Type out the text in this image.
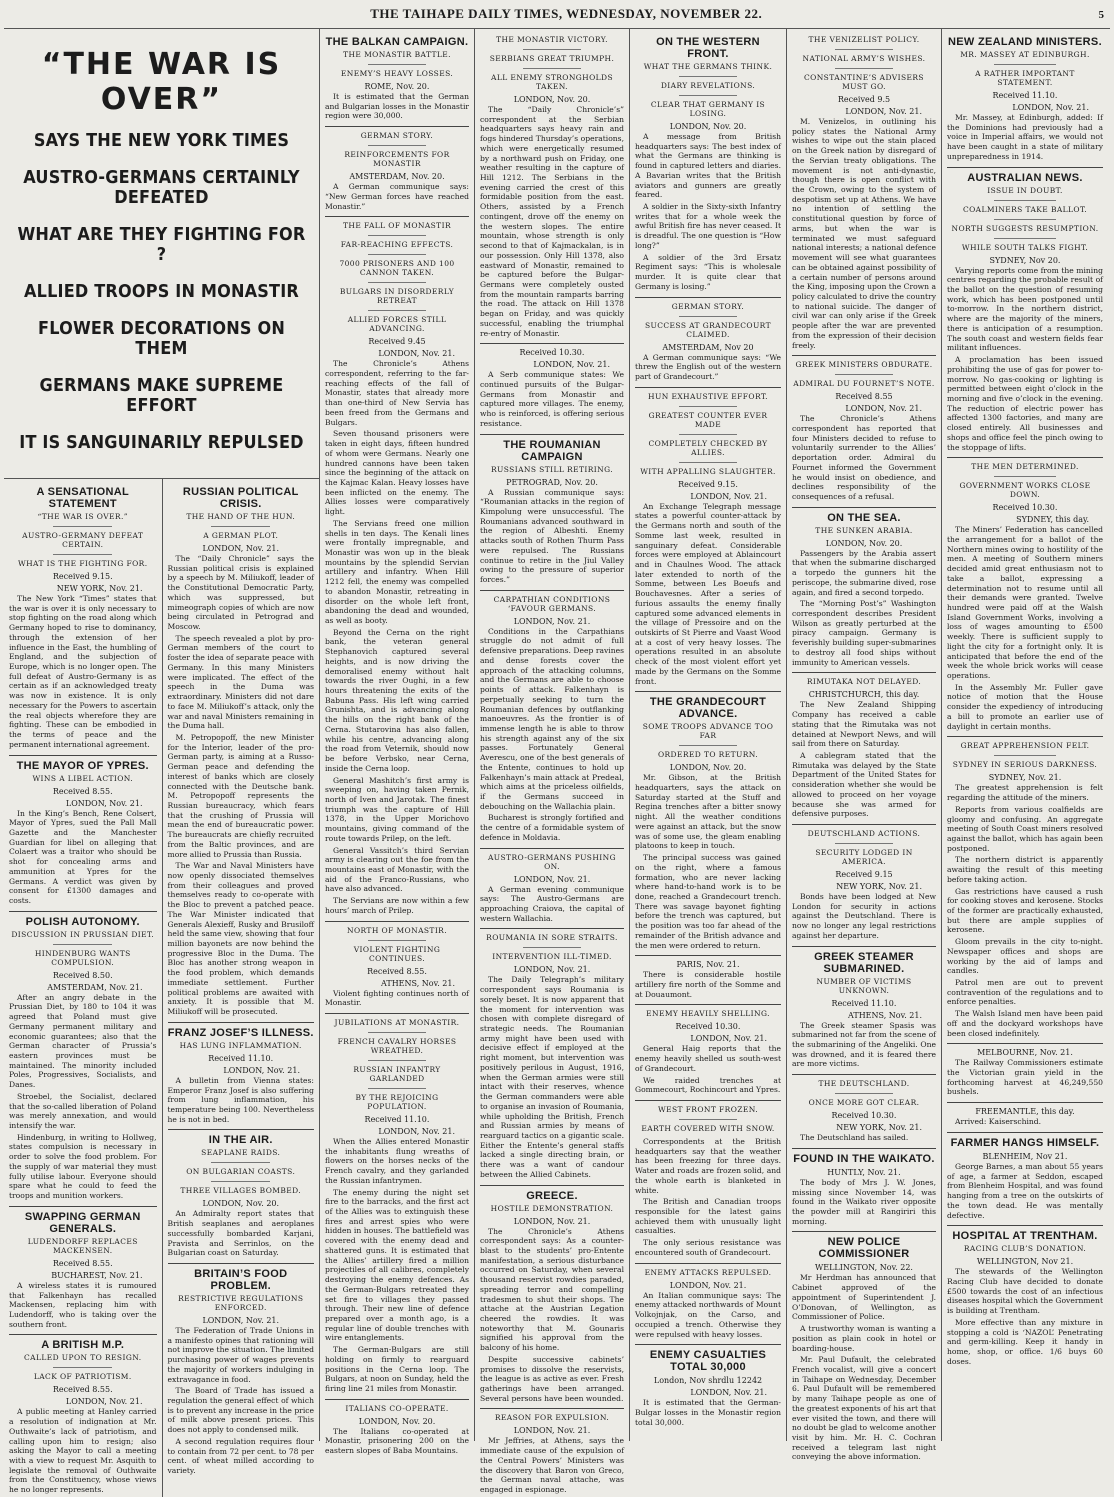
THE TAIHAPE DAILY TIMES, WEDNESDAY, NOVEMBER 22.	5
“THE WAR IS OVER”
SAYS THE NEW YORK TIMES
AUSTRO-GERMANS CERTAINLY DEFEATED
WHAT ARE THEY FIGHTING FOR ?
ALLIED TROOPS IN MONASTIR
FLOWER DECORATIONS ON THEM
GERMANS MAKE SUPREME EFFORT
IT IS SANGUINARILY REPULSED
A SENSATIONAL STATEMENT
“THE WAR IS OVER.”
AUSTRO-GERMANY DEFEAT CERTAIN.
WHAT IS THE FIGHTING FOR.
Received 9.15.
NEW YORK, Nov. 21.

The New York “Times” states that the war is over it is only necessary to stop fighting on the road along which Germany hoped to rise to dominancy, through the extension of her influence in the East, the humbling of England, and the subjection of Europe, which is no longer open. The full defeat of Austro-Germany is as certain as if an acknowledged treaty was now in existence. It is only necessary for the Powers to ascertain the real objects wherefore they are fighting. These can be embodied in the terms of peace and the permanent international agreement.

THE MAYOR OF YPRES.
WINS A LIBEL ACTION.
Received 8.55.
LONDON, Nov. 21.

In the King’s Bench, Rene Colsert, Mayor of Ypres, sued the Pall Mall Gazette and the Manchester Guardian for libel on alleging that Colaert was a traitor who should be shot for concealing arms and ammunition at Ypres for the Germans. A verdict was given by consent for £1300 damages and costs.

POLISH AUTONOMY.
DISCUSSION IN PRUSSIAN DIET.
HINDENBURG WANTS COMPULSION.
Received 8.50.
AMSTERDAM, Nov. 21.

After an angry debate in the Prussian Diet, by 180 to 104 it was agreed that Poland must give Germany permanent military and economic guarantees; also that the German character of Prussia’s eastern provinces must be maintained. The minority included Poles, Progressives, Socialists, and Danes.

Stroebel, the Socialist, declared that the so-called liberation of Poland was merely annexation, and would intensify the war.

Hindenburg, in writing to Hollweg, states compulsion is necessary in order to solve the food problem. For the supply of war material they must fully utilise labour. Everyone should spare what he could to feed the troops and munition workers.

SWAPPING GERMAN GENERALS.
LUDENDORFF REPLACES MACKENSEN.
Received 8.55.
BUCHAREST, Nov. 21.

A wireless states it is rumoured that Falkenhayn has recalled Mackensen, replacing him with Ludendorff, who is taking over the southern front.

A BRITISH M.P.
CALLED UPON TO RESIGN.
LACK OF PATRIOTISM.
Received 8.55.
LONDON, Nov. 21.

A public meeting at Hanley carried a resolution of indignation at Mr. Outhwaite’s lack of patriotism, and calling upon him to resign; also asking the Mayor to call a meeting with a view to request Mr. Asquith to legislate the removal of Outhwaite from the Constituency, whose views he no longer represents.

RUSSIAN POLITICAL CRISIS.
THE HAND OF THE HUN.
A GERMAN PLOT.
LONDON, Nov. 21.

The “Daily Chronicle” says the Russian political crisis is explained by a speech by M. Miliukoff, leader of the Constitutional Democratic Party, which was suppressed, but mimeograph copies of which are now being circulated in Petrograd and Moscow.

The speech revealed a plot by pro-German members of the court to foster the idea of separate peace with Germany. In this many Ministers were implicated. The effect of the speech in the Duma was extraordinary. Ministers did not dare to face M. Miliukoff’s attack, only the war and naval Ministers remaining in the Duma hall.

M. Petropopoff, the new Minister for the Interior, leader of the pro-German party, is aiming at a Russo-German peace and defending the interest of banks which are closely connected with the Deutsche bank. M. Petropopoff represents the Russian bureaucracy, which fears that the crushing of Prussia will mean the end of bureaucratic power. The bureaucrats are chiefly recruited from the Baltic provinces, and are more allied to Prussia than Russia.

The War and Naval Ministers have now openly dissociated themselves from their colleagues and proved themselves ready to co-operate with the Bloc to prevent a patched peace. The War Minister indicated that Generals Alexieff, Rusky and Brusiloff held the same view, showing that four million bayonets are now behind the progressive Bloc in the Duma. The Bloc has another strong weapon in the food problem, which demands immediate settlement. Further political problems are awaited with anxiety. It is possible that M. Miliukoff will be prosecuted.

FRANZ JOSEF’S ILLNESS.
HAS LUNG INFLAMMATION.
Received 11.10.
LONDON, Nov. 21.

A bulletin from Vienna states: Emperor Franz Josef is also suffering from lung inflammation, his temperature being 100. Nevertheless he is not in bed.

IN THE AIR.
SEAPLANE RAIDS.
ON BULGARIAN COASTS.
THREE VILLAGES BOMBED.
LONDON, Nov. 20.

An Admiralty report states that British seaplanes and aeroplanes successfully bombarded Karjani, Pravista and Serrinlos, on the Bulgarian coast on Saturday.

BRITAIN’S FOOD PROBLEM.
RESTRICTIVE REGULATIONS ENFORCED.
LONDON, Nov. 21.

The Federation of Trade Unions in a manifesto opines that rationing will not improve the situation. The limited purchasing power of wages prevents the majority of workers indulging in extravagance in food.

The Board of Trade has issued a regulation the general effect of which is to prevent any increase in the price of milk above present prices. This does not apply to condensed milk.

A second regulation requires flour to contain from 72 per cent. to 78 per cent. of wheat milled according to variety.

THE BALKAN CAMPAIGN.
THE MONASTIR BATTLE.
ENEMY’S HEAVY LOSSES.
ROME, Nov. 20.

It is estimated that the German and Bulgarian losses in the Monastir region were 30,000.

GERMAN STORY.
REINFORCEMENTS FOR MONASTIR
AMSTERDAM, Nov. 20.

A German communique says: “New German forces have reached Monastir.”

THE FALL OF MONASTIR
FAR-REACHING EFFECTS.
7000 PRISONERS AND 100 CANNON TAKEN.
BULGARS IN DISORDERLY RETREAT
ALLIED FORCES STILL ADVANCING.
Received 9.45
LONDON, Nov. 21.

The Chronicle’s Athens correspondent, referring to the far-reaching effects of the fall of Monastir, states that already more than one-third of New Servia has been freed from the Germans and Bulgars.

Seven thousand prisoners were taken in eight days, fifteen hundred of whom were Germans. Nearly one hundred cannons have been taken since the beginning of the attack on the Kajmac Kalan. Heavy losses have been inflicted on the enemy. The Allies losses were comparatively light.

The Servians freed one million shells in ten days. The Kenali lines were frontally impregnable, and Monastir was won up in the bleak mountains by the splendid Servian artillery and infantry. When Hill 1212 fell, the enemy was compelled to abandon Monastir, retreating in disorder on the whole left front, abandoning the dead and wounded, as well as booty.

Beyond the Cerna on the right bank, the veteran general Stephanovich captured several heights, and is now driving the demoralised enemy without halt towards the river Oughi, in a few hours threatening the exits of the Babuna Pass. His left wing carried Grunishta, and is advancing along the hills on the right bank of the Cerna. Stutarovina has also fallen, while his centre, advancing along the road from Veternik, should now be before Verbsko, near Cerna, inside the Cerna loop.

General Mashitch’s first army is sweeping on, having taken Pernik, north of Iven and Jarotak. The finest triumph was the capture of Hill 1378, in the Upper Morichovo mountains, giving command of the route towards Prilep, on the left.

General Vassitch’s third Servian army is clearing out the foe from the mountains east of Monastir, with the aid of the Franco-Russians, who have also advanced.

The Servians are now within a few hours’ march of Prilep.

NORTH OF MONASTIR.
VIOLENT FIGHTING CONTINUES.
Received 8.55.
ATHENS, Nov. 21.

Violent fighting continues north of Monastir.

JUBILATIONS AT MONASTIR.
FRENCH CAVALRY HORSES WREATHED.
RUSSIAN INFANTRY GARLANDED
BY THE REJOICING POPULATION.
Received 11.10.
LONDON, Nov. 21.

When the Allies entered Monastir the inhabitants flung wreaths of flowers on the horses necks of the French cavalry, and they garlanded the Russian infantrymen.

The enemy during the night set fire to the barracks, and the first act of the Allies was to extinguish these fires and arrest spies who were hidden in houses. The battlefield was covered with the enemy dead and shattered guns. It is estimated that the Allies’ artillery fired a million projectiles of all calibres, completely destroying the enemy defences. As the German-Bulgars retreated they set fire to villages they passed through. Their new line of defence prepared over a month ago, is a regular line of double trenches with wire entanglements.

The German-Bulgars are still holding on firmly to rearguard positions in the Cerna loop. The Bulgars, at noon on Sunday, held the firing line 21 miles from Monastir.

ITALIANS CO-OPERATE.
LONDON, Nov. 20.

The Italians co-operated at Monastir, prisonering 200 on the eastern slopes of Baba Mountains.

THE MONASTIR VICTORY.
SERBIANS GREAT TRIUMPH.
ALL ENEMY STRONGHOLDS TAKEN.
LONDON, Nov. 20.

The “Daily Chronicle’s” correspondent at the Serbian headquarters says heavy rain and fogs hindered Thursday’s operations, which were energetically resumed by a northward push on Friday, one weather resulting in the capture of Hill 1212. The Serbians in the evening carried the crest of this formidable position from the east. Others, assisted by a French contingent, drove off the enemy on the western slopes. The entire mountain, whose strength is only second to that of Kajmackalan, is in our possession. Only Hill 1378, also eastward of Monastir, remained to be captured before the Bulgar-Germans were completely ousted from the mountain ramparts barring the road. The attack on Hill 1378 began on Friday, and was quickly successful, enabling the triumphal re-entry of Monastir.

Received 10.30.
LONDON, Nov. 21.

A Serb communique states: We continued pursuits of the Bulgar-Germans from Monastir and captured more villages. The enemy, who is reinforced, is offering serious resistance.

THE ROUMANIAN CAMPAIGN
RUSSIANS STILL RETIRING.
PETROGRAD, Nov. 20.

A Russian communique says: “Roumanian attacks in the region of Kimpolung were unsuccessful. The Roumanians advanced southward in the region of Albeshti. Enemy attacks south of Rothen Thurm Pass were repulsed. The Russians continue to retire in the Jiul Valley owing to the pressure of superior forces.”

CARPATHIAN CONDITIONS ‘FAVOUR GERMANS.
LONDON, Nov. 21.

Conditions in the Carpathians struggle do not admit of full defensive preparations. Deep ravines and dense forests cover the approach of the attacking columns, and the Germans are able to choose points of attack. Falkenhayn is perpetually seeking to turn the Roumanian defences by outflanking manoeuvres. As the frontier is of immense length he is able to throw his strength against any of the six passes. Fortunately General Averescu, one of the best generals of the Entente, continues to hold up Falkenhayn’s main attack at Predeal, which aims at the priceless oilfields, if the Germans succeed in debouching on the Wallachia plain.

Bucharest is strongly fortified and the centre of a formidable system of defence in Moldavia.

AUSTRO-GERMANS PUSHING ON.
LONDON, Nov. 21.

A German evening communique says: The Austro-Germans are approaching Craiova, the capital of western Wallachia.

ROUMANIA IN SORE STRAITS.
INTERVENTION ILL-TIMED.
LONDON, Nov. 21.

The Daily Telegraph’s military correspondent says Roumania is sorely beset. It is now apparent that the moment for intervention was chosen with complete disregard of strategic needs. The Roumanian army might have been used with decisive effect if employed at the right moment, but intervention was positively perilous in August, 1916, when the German armies were still intact with their reserves, whence the German commanders were able to organise an invasion of Roumania, while upholding the British, French and Russian armies by means of rearguard tactics on a gigantic scale. Either the Entente’s general staffs lacked a single directing brain, or there was a want of candour between the Allied Cabinets.

GREECE.
HOSTILE DEMONSTRATION.
LONDON, Nov. 21.

The Chronicle’s Athens correspondent says: As a counter-blast to the students’ pro-Entente manifestation, a serious disturbance occurred on Saturday, when several thousand reservist rowdies paraded, spreading terror and compelling tradesmen to shut their shops. The attache at the Austrian Legation cheered the rowdies. It was noteworthy that M. Gounaris signified his approval from the balcony of his home.

Despite successive cabinets’ promises to dissolve the reservists, the league is as active as ever. Fresh gatherings have been arranged. Several persons have been wounded.

REASON FOR EXPULSION.
LONDON, Nov. 21.

Mr Jeffries, at Athens, says the immediate cause of the expulsion of the Central Powers’ Ministers was the discovery that Baron von Greco, the German naval attache, was engaged in espionage.

ON THE WESTERN FRONT.
WHAT THE GERMANS THINK.
DIARY REVELATIONS.
CLEAR THAT GERMANY IS LOSING.
LONDON, Nov. 20.

A message from British headquarters says: The best index of what the Germans are thinking is found in captured letters and diaries. A Bavarian writes that the British aviators and gunners are greatly feared.

A soldier in the Sixty-sixth Infantry writes that for a whole week the awful British fire has never ceased. It is dreadful. The one question is “How long?”

A soldier of the 3rd Ersatz Regiment says: “This is wholesale murder. It is quite clear that Germany is losing.”

GERMAN STORY.
SUCCESS AT GRANDECOURT CLAIMED.
AMSTERDAM, Nov 20

A German communique says: “We threw the English out of the western part of Grandecourt.”

HUN EXHAUSTIVE EFFORT.
GREATEST COUNTER EVER MADE
COMPLETELY CHECKED BY ALLIES.
WITH APPALLING SLAUGHTER.
Received 9.15.
LONDON, Nov. 21.

An Exchange Telegraph message states a powerful counter-attack by the Germans north and south of the Somme last week, resulted in sanguinary defeat. Considerable forces were employed at Ablaincourt and in Chaulnes Wood. The attack later extended to north of the Somme, between Les Boeufs and Bouchavesnes. After a series of furious assaults the enemy finally captured some advanced elements in the village of Pressoire and on the outskirts of St Pierre and Vaast Wood at a cost of very heavy losses. The operations resulted in an absolute check of the most violent effort yet made by the Germans on the Somme front.

THE GRANDECOURT ADVANCE.
SOME TROOPS ADVANCE TOO FAR
ORDERED TO RETURN.
LONDON, Nov. 20.

Mr. Gibson, at the British headquarters, says the attack on Saturday started at the Stuff and Regina trenches after a bitter snowy night. All the weather conditions were against an attack, but the snow was of some use, the gleam enabling platoons to keep in touch.

The principal success was gained on the right, where a famous formation, who are never lacking where hand-to-hand work is to be done, reached a Grandecourt trench. There was savage bayonet fighting before the trench was captured, but the position was too far ahead of the remainder of the British advance and the men were ordered to return.

PARIS, Nov. 21.

There is considerable hostile artillery fire north of the Somme and at Douaumont.

ENEMY HEAVILY SHELLING.
Received 10.30.
LONDON, Nov. 21.

General Haig reports that the enemy heavily shelled us south-west of Grandecourt.

We raided trenches at Gommecourt, Rochincourt and Ypres.

WEST FRONT FROZEN.
EARTH COVERED WITH SNOW.

Correspondents at the British headquarters say that the weather has been freezing for three days. Water and roads are frozen solid, and the whole earth is blanketed in white.

The British and Canadian troops responsible for the latest gains achieved them with unusually light casualties.

The only serious resistance was encountered south of Grandecourt.

ENEMY ATTACKS REPULSED.
LONDON, Nov. 21.

An Italian communique says: The enemy attacked northwards of Mount Volkojnjak, on the Carso, and occupied a trench. Otherwise they were repulsed with heavy losses.

ENEMY CASUALTIES TOTAL 30,000
London, Nov shrdlu 12242
LONDON, Nov. 21.

It is estimated that the German-Bulgar losses in the Monastir region total 30,000.

THE VENIZELIST POLICY.
NATIONAL ARMY’S WISHES.
CONSTANTINE’S ADVISERS MUST GO.
Received 9.5
LONDON, Nov. 21.

M. Venizelos, in outlining his policy states the National Army wishes to wipe out the stain placed on the Greek nation by disregard of the Servian treaty obligations. The movement is not anti-dynastic, though there is open conflict with the Crown, owing to the system of despotism set up at Athens. We have no intention of settling the constitutional question by force of arms, but when the war is terminated we must safeguard national interests; a national defence movement will see what guarantees can be obtained against possibility of a certain number of persons around the King, imposing upon the Crown a policy calculated to drive the country to national suicide. The danger of civil war can only arise if the Greek people after the war are prevented from the expression of their decision freely.

GREEK MINISTERS OBDURATE.
ADMIRAL DU FOURNET’S NOTE.
Received 8.55
LONDON, Nov. 21.

The Chronicle’s Athens correspondent has reported that four Ministers decided to refuse to voluntarily surrender to the Allies’ deportation order. Admiral du Fournet informed the Government he would insist on obedience, and declines responsibility of the consequences of a refusal.

ON THE SEA.
THE SUNKEN ARABIA.
LONDON, Nov. 20.

Passengers by the Arabia assert that when the submarine discharged a torpedo the gunners hit the periscope, the submarine dived, rose again, and fired a second torpedo.

The “Morning Post’s” Washington correspondent describes President Wilson as greatly perturbed at the piracy campaign. Germany is feverishly building super-submarines to destroy all food ships without immunity to American vessels.

RIMUTAKA NOT DELAYED.
CHRISTCHURCH, this day.

The New Zealand Shipping Company has received a cable stating that the Rimutaka was not detained at Newport News, and will sail from there on Saturday.

A cablegram stated that the Rimutaka was delayed by the State Department of the United States for consideration whether she would be allowed to proceed on her voyage because she was armed for defensive purposes.

DEUTSCHLAND ACTIONS.
SECURITY LODGED IN AMERICA.
Received 9.15
NEW YORK, Nov. 21.

Bonds have been lodged at New London for security in actions against the Deutschland. There is now no longer any legal restrictions against her departure.

GREEK STEAMER SUBMARINED.
NUMBER OF VICTIMS UNKNOWN.
Received 11.10.
ATHENS, Nov. 21.

The Greek steamer Spasis was submarined not far from the scene of the submarining of the Angeliki. One was drowned, and it is feared there are more victims.

THE DEUTSCHLAND.
ONCE MORE GOT CLEAR.
Received 10.30.
NEW YORK, Nov. 21.

The Deutschland has sailed.

FOUND IN THE WAIKATO.
HUNTLY, Nov. 21.

The body of Mrs J. W. Jones, missing since November 14, was found in the Waikato river opposite the powder mill at Rangiriri this morning.

NEW POLICE COMMISSIONER
WELLINGTON, Nov. 22.

Mr Herdman has announced that Cabinet approved of the appointment of Superintendent J. O’Donovan, of Wellington, as Commissioner of Police.

A trustworthy woman is wanting a position as plain cook in hotel or boarding-house.

Mr. Paul Dufault, the celebrated French vocalist, will give a concert in Taihape on Wednesday, December 6. Paul Dufault will be remembered by many Taihape people as one of the greatest exponents of his art that ever visited the town, and there will no doubt be glad to welcome another visit by him. Mr. H. C. Cochran received a telegram last night conveying the above information.

NEW ZEALAND MINISTERS.
MR. MASSEY AT EDINBURGH.
A RATHER IMPORTANT STATEMENT.
Received 11.10.
LONDON, Nov. 21.

Mr. Massey, at Edinburgh, added: If the Dominions had previously had a voice in Imperial affairs, we would not have been caught in a state of military unpreparedness in 1914.

AUSTRALIAN NEWS.
ISSUE IN DOUBT.
COALMINERS TAKE BALLOT.
NORTH SUGGESTS RESUMPTION.
WHILE SOUTH TALKS FIGHT.
SYDNEY, Nov 20.

Varying reports come from the mining centres regarding the probable result of the ballot on the question of resuming work, which has been postponed until to-morrow. In the northern district, where are the majority of the miners, there is anticipation of a resumption. The south coast and western fields fear militant influences.

A proclamation has been issued prohibiting the use of gas for power to-morrow. No gas-cooking or lighting is permitted between eight o’clock in the morning and five o’clock in the evening. The reduction of electric power has affected 1300 factories, and many are closed entirely. All businesses and shops and office feel the pinch owing to the stoppage of lifts.

THE MEN DETERMINED.
GOVERNMENT WORKS CLOSE DOWN.
Received 10.30.
SYDNEY, this day.

The Miners’ Federation has cancelled the arrangement for a ballot of the Northern mines owing to hostility of the men. A meeting of Southern miners decided amid great enthusiasm not to take a ballot, expressing a determination not to resume until all their demands were granted. Twelve hundred were paid off at the Walsh Island Government Works, involving a loss of wages amounting to £500 weekly. There is sufficient supply to light the city for a fortnight only. It is anticipated that before the end of the week the whole brick works will cease operations.

In the Assembly Mr. Fuller gave notice of motion that the House consider the expediency of introducing a bill to promote an earlier use of daylight in certain months.

GREAT APPREHENSION FELT.
SYDNEY IN SERIOUS DARKNESS.
SYDNEY, Nov. 21.

The greatest apprehension is felt regarding the attitude of the miners.

Reports from various coalfields are gloomy and confusing. An aggregate meeting of South Coast miners resolved against the ballot, which has again been postponed.

The northern district is apparently awaiting the result of this meeting before taking action.

Gas restrictions have caused a rush for cooking stoves and kerosene. Stocks of the former are practically exhausted, but there are ample supplies of kerosene.

Gloom prevails in the city to-night. Newspaper offices and shops are working by the aid of lamps and candles.

Patrol men are out to prevent contravention of the regulations and to enforce penalties.

The Walsh Island men have been paid off and the dockyard workshops have been closed indefinitely.

MELBOURNE, Nov. 21.

The Railway Commissioners estimate the Victorian grain yield in the forthcoming harvest at 46,249,550 bushels.

FREEMANTLE, this day.

Arrived: Kaiserschind.

FARMER HANGS HIMSELF.
BLENHEIM, Nov 21.

George Barnes, a man about 55 years of age, a farmer at Seddon, escaped from Blenheim Hospital, and was found hanging from a tree on the outskirts of the town dead. He was mentally defective.

HOSPITAL AT TRENTHAM.
RACING CLUB’S DONATION.
WELLINGTON, Nov 21.

The stewards of the Wellington Racing Club have decided to donate £500 towards the cost of an infectious diseases hospital which the Government is building at Trentham.

More effective than any mixture in stopping a cold is ‘NAZOL’ Penetrating and germ-killing. Keep it handy in home, shop, or office. 1/6 buys 60 doses.
